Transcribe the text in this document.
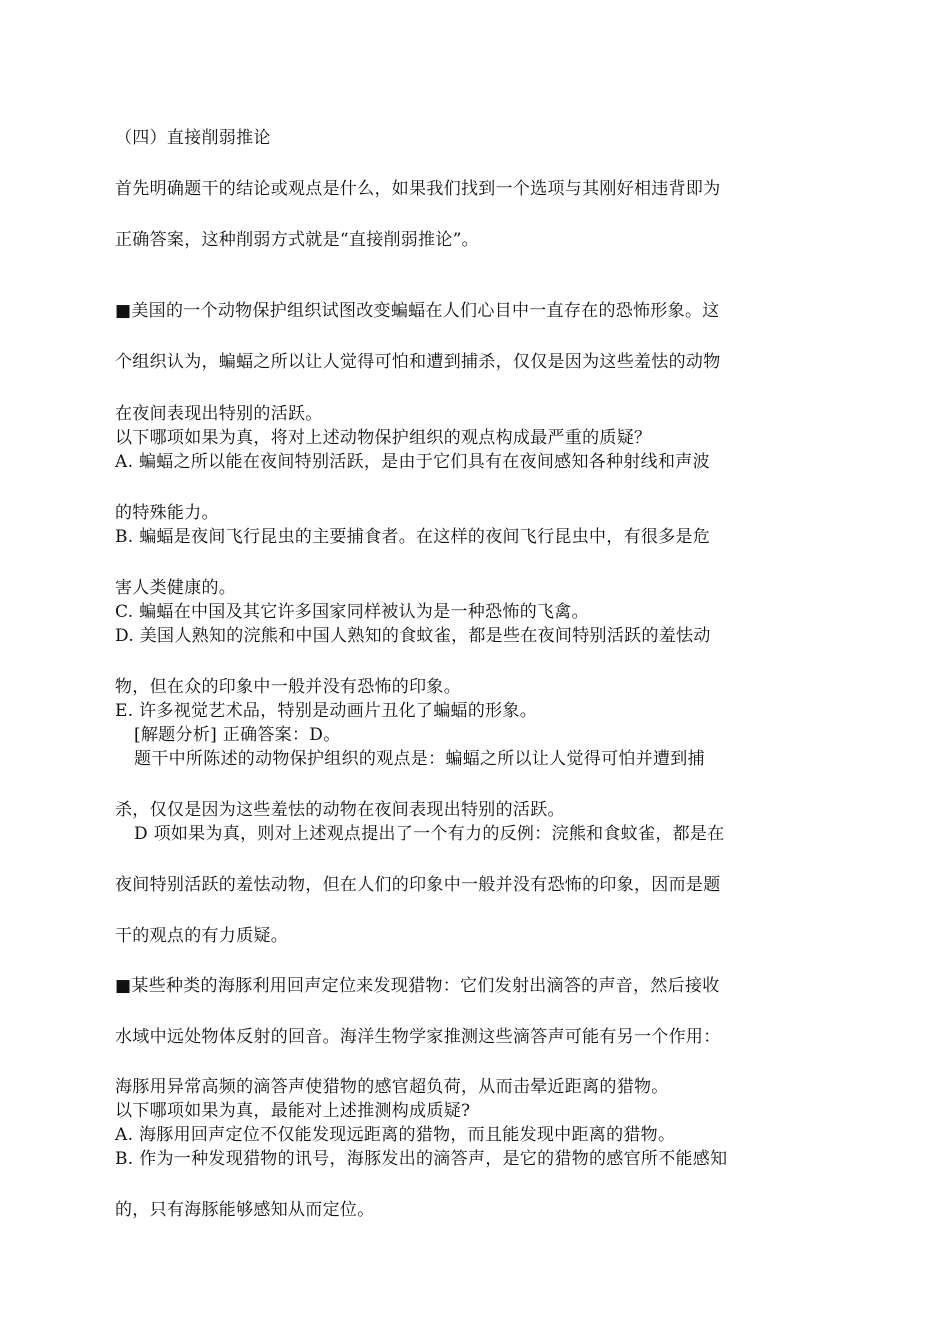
（四）直接削弱推论
首先明确题干的结论或观点是什么，如果我们找到一个选项与其刚好相违背即为
正确答案，这种削弱方式就是“直接削弱推论”。
■美国的一个动物保护组织试图改变蝙蝠在人们心目中一直存在的恐怖形象。这
个组织认为，蝙蝠之所以让人觉得可怕和遭到捕杀，仅仅是因为这些羞怯的动物
在夜间表现出特别的活跃。
以下哪项如果为真，将对上述动物保护组织的观点构成最严重的质疑？
A. 蝙蝠之所以能在夜间特别活跃，是由于它们具有在夜间感知各种射线和声波
的特殊能力。
B. 蝙蝠是夜间飞行昆虫的主要捕食者。在这样的夜间飞行昆虫中，有很多是危
害人类健康的。
C. 蝙蝠在中国及其它许多国家同样被认为是一种恐怖的飞禽。
D. 美国人熟知的浣熊和中国人熟知的食蚊雀，都是些在夜间特别活跃的羞怯动
物，但在众的印象中一般并没有恐怖的印象。
E. 许多视觉艺术品，特别是动画片丑化了蝙蝠的形象。
[解题分析] 正确答案：D。
题干中所陈述的动物保护组织的观点是：蝙蝠之所以让人觉得可怕并遭到捕
杀，仅仅是因为这些羞怯的动物在夜间表现出特别的活跃。
D 项如果为真，则对上述观点提出了一个有力的反例：浣熊和食蚊雀，都是在
夜间特别活跃的羞怯动物，但在人们的印象中一般并没有恐怖的印象，因而是题
干的观点的有力质疑。
■某些种类的海豚利用回声定位来发现猎物：它们发射出滴答的声音，然后接收
水域中远处物体反射的回音。海洋生物学家推测这些滴答声可能有另一个作用：
海豚用异常高频的滴答声使猎物的感官超负荷，从而击晕近距离的猎物。
以下哪项如果为真，最能对上述推测构成质疑?
A. 海豚用回声定位不仅能发现远距离的猎物，而且能发现中距离的猎物。
B. 作为一种发现猎物的讯号，海豚发出的滴答声，是它的猎物的感官所不能感知
的，只有海豚能够感知从而定位。
